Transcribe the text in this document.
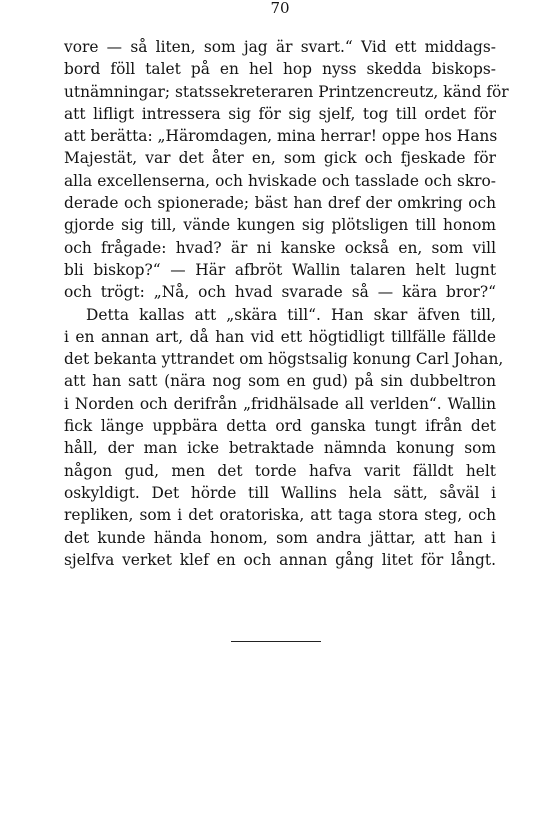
70
vore — så liten, som jag är svart.“ Vid ett middags-
bord föll talet på en hel hop nyss skedda biskops-
utnämningar; statssekreteraren Printzencreutz, känd för
att lifligt intressera sig för sig sjelf, tog till ordet för
att berätta: „Häromdagen, mina herrar! oppe hos Hans
Majestät, var det åter en, som gick och fjeskade för
alla excellenserna, och hviskade och tasslade och skro-
derade och spionerade; bäst han dref der omkring och
gjorde sig till, vände kungen sig plötsligen till honom
och frågade: hvad? är ni kanske också en, som vill
bli biskop?“ — Här afbröt Wallin talaren helt lugnt
och trögt: „Nå, och hvad svarade så — kära bror?“
Detta kallas att „skära till“. Han skar äfven till,
i en annan art, då han vid ett högtidligt tillfälle fällde
det bekanta yttrandet om högstsalig konung Carl Johan,
att han satt (nära nog som en gud) på sin dubbeltron
i Norden och derifrån „fridhälsade all verlden“. Wallin
fick länge uppbära detta ord ganska tungt ifrån det
håll, der man icke betraktade nämnda konung som
någon gud, men det torde hafva varit fälldt helt
oskyldigt. Det hörde till Wallins hela sätt, såväl i
repliken, som i det oratoriska, att taga stora steg, och
det kunde hända honom, som andra jättar, att han i
sjelfva verket klef en och annan gång litet för långt.
